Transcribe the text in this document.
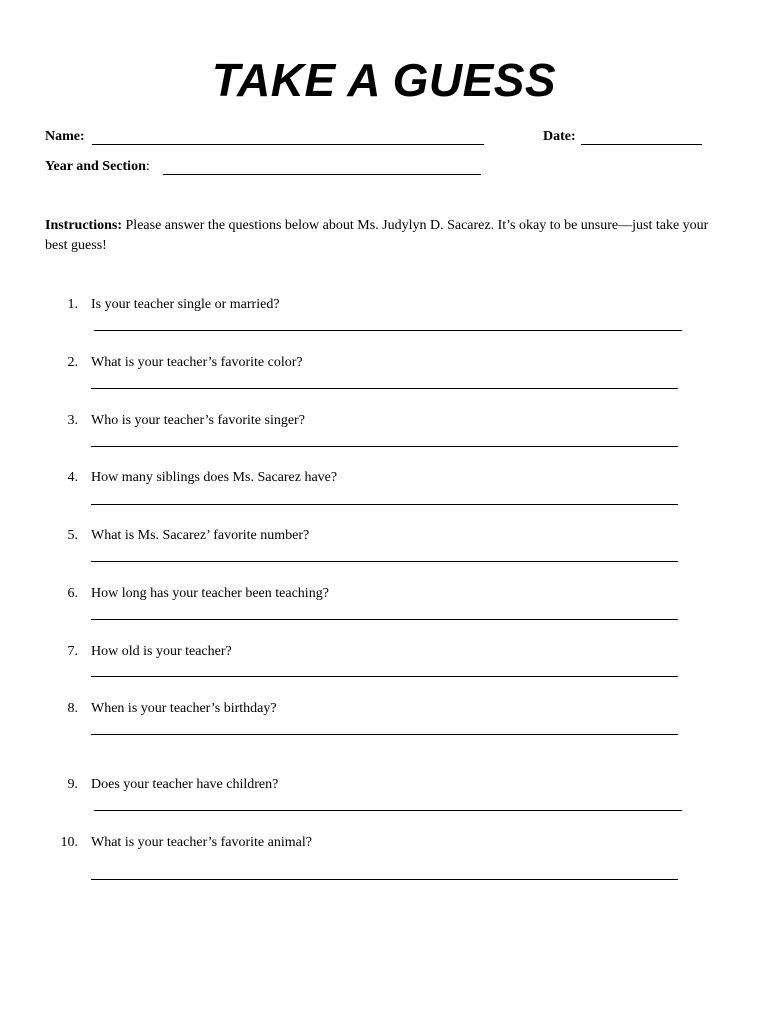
TAKE A GUESS
Name:	Date:
Year and Section:
Instructions: Please answer the questions below about Ms. Judylyn D. Sacarez. It’s okay to be unsure—just take your best guess!
1. Is your teacher single or married?
2. What is your teacher’s favorite color?
3. Who is your teacher’s favorite singer?
4. How many siblings does Ms. Sacarez have?
5. What is Ms. Sacarez’ favorite number?
6. How long has your teacher been teaching?
7. How old is your teacher?
8. When is your teacher’s birthday?
9. Does your teacher have children?
10. What is your teacher’s favorite animal?
